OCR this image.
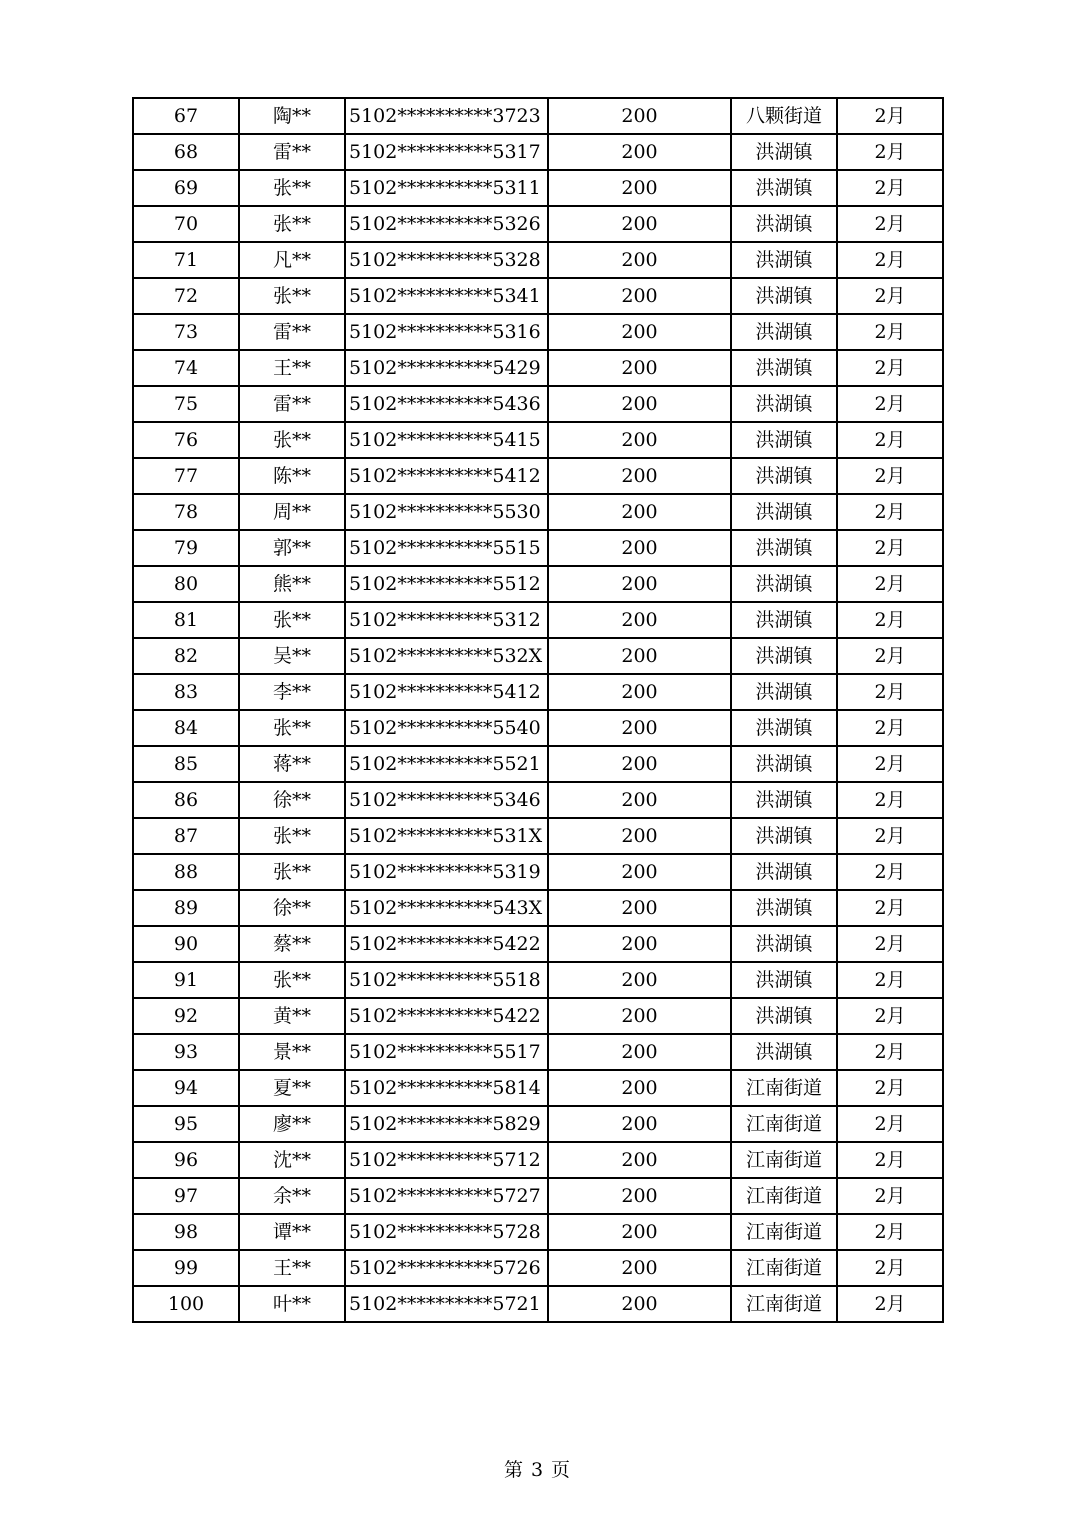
67	陶**	5102**********3723	200	八颗街道	2月
68	雷**	5102**********5317	200	洪湖镇	2月
69	张**	5102**********5311	200	洪湖镇	2月
70	张**	5102**********5326	200	洪湖镇	2月
71	凡**	5102**********5328	200	洪湖镇	2月
72	张**	5102**********5341	200	洪湖镇	2月
73	雷**	5102**********5316	200	洪湖镇	2月
74	王**	5102**********5429	200	洪湖镇	2月
75	雷**	5102**********5436	200	洪湖镇	2月
76	张**	5102**********5415	200	洪湖镇	2月
77	陈**	5102**********5412	200	洪湖镇	2月
78	周**	5102**********5530	200	洪湖镇	2月
79	郭**	5102**********5515	200	洪湖镇	2月
80	熊**	5102**********5512	200	洪湖镇	2月
81	张**	5102**********5312	200	洪湖镇	2月
82	吴**	5102**********532X	200	洪湖镇	2月
83	李**	5102**********5412	200	洪湖镇	2月
84	张**	5102**********5540	200	洪湖镇	2月
85	蒋**	5102**********5521	200	洪湖镇	2月
86	徐**	5102**********5346	200	洪湖镇	2月
87	张**	5102**********531X	200	洪湖镇	2月
88	张**	5102**********5319	200	洪湖镇	2月
89	徐**	5102**********543X	200	洪湖镇	2月
90	蔡**	5102**********5422	200	洪湖镇	2月
91	张**	5102**********5518	200	洪湖镇	2月
92	黄**	5102**********5422	200	洪湖镇	2月
93	景**	5102**********5517	200	洪湖镇	2月
94	夏**	5102**********5814	200	江南街道	2月
95	廖**	5102**********5829	200	江南街道	2月
96	沈**	5102**********5712	200	江南街道	2月
97	余**	5102**********5727	200	江南街道	2月
98	谭**	5102**********5728	200	江南街道	2月
99	王**	5102**********5726	200	江南街道	2月
100	叶**	5102**********5721	200	江南街道	2月
第 3 页
